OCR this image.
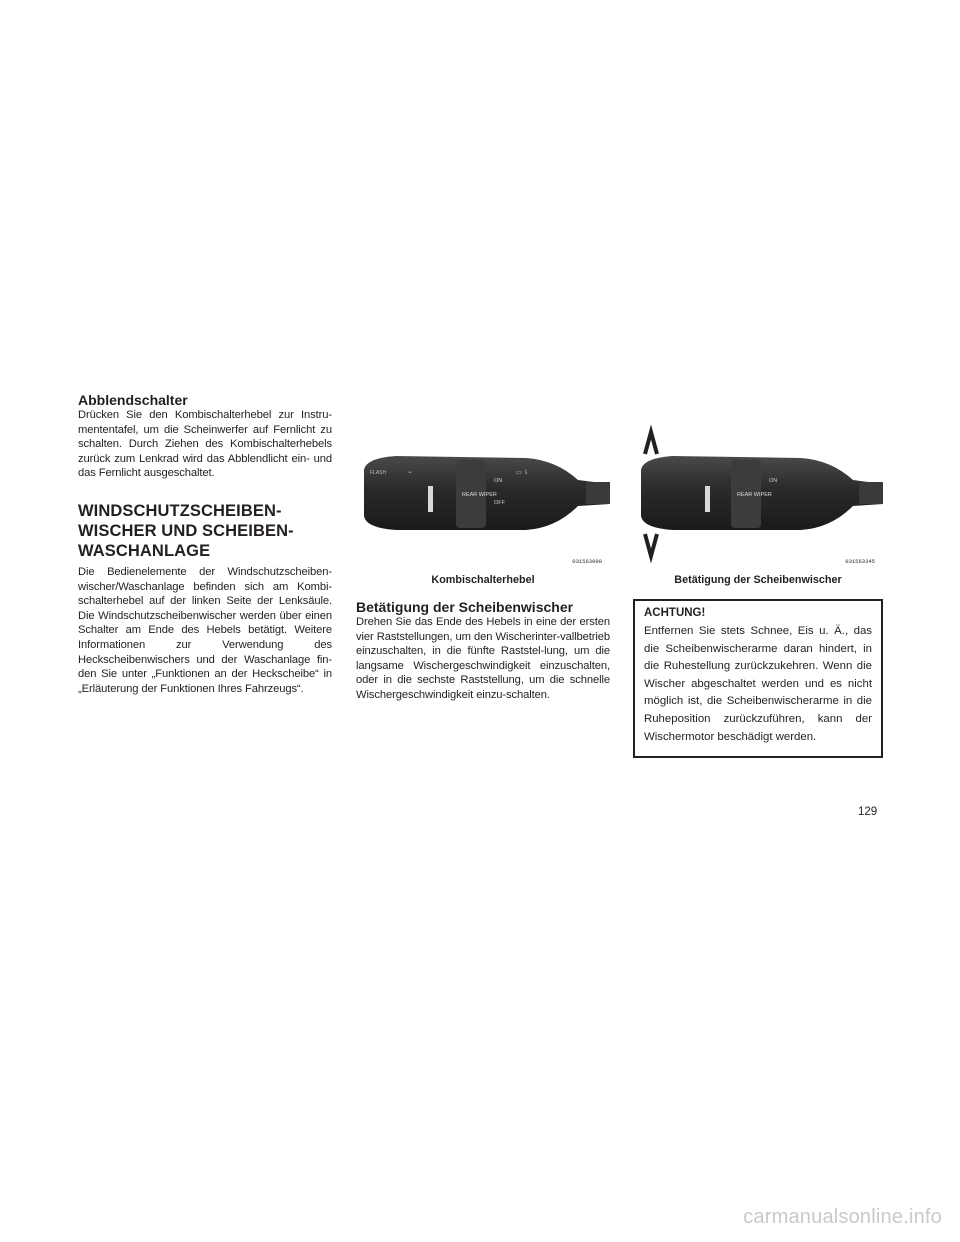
Abblendschalter

Drücken Sie den Kombischalterhebel zur Instru-mententafel, um die Scheinwerfer auf Fernlicht zu schalten. Durch Ziehen des Kombischalterhebels zurück zum Lenkrad wird das Abblendlicht ein- und das Fernlicht ausgeschaltet.

WINDSCHUTZSCHEIBEN-WISCHER UND SCHEIBEN-WASCHANLAGE

Die Bedienelemente der Windschutzscheiben-wischer/Waschanlage befinden sich am Kombi-schalterhebel auf der linken Seite der Lenksäule. Die Windschutzscheibenwischer werden über einen Schalter am Ende des Hebels betätigt. Weitere Informationen zur Verwendung des Heckscheibenwischers und der Waschanlage fin-den Sie unter „Funktionen an der Heckscheibe“ in „Erläuterung der Funktionen Ihres Fahrzeugs“.

FLASH	⌁
REAR WIPER
ON
OFF
▭ ⇂
031563090
Kombischalterhebel
Betätigung der Scheibenwischer

Drehen Sie das Ende des Hebels in eine der ersten vier Raststellungen, um den Wischerinter-vallbetrieb einzuschalten, in die fünfte Raststel-lung, um die langsame Wischergeschwindigkeit einzuschalten, oder in die sechste Raststellung, um die schnelle Wischergeschwindigkeit einzu-schalten.

REAR WIPER
ON
031563345
Betätigung der Scheibenwischer
ACHTUNG!

Entfernen Sie stets Schnee, Eis u. Ä., das die Scheibenwischerarme daran hindert, in die Ruhestellung zurückzukehren. Wenn die Wischer abgeschaltet werden und es nicht möglich ist, die Scheibenwischerarme in die Ruheposition zurückzuführen, kann der Wischermotor beschädigt werden.

129
carmanualsonline.info
